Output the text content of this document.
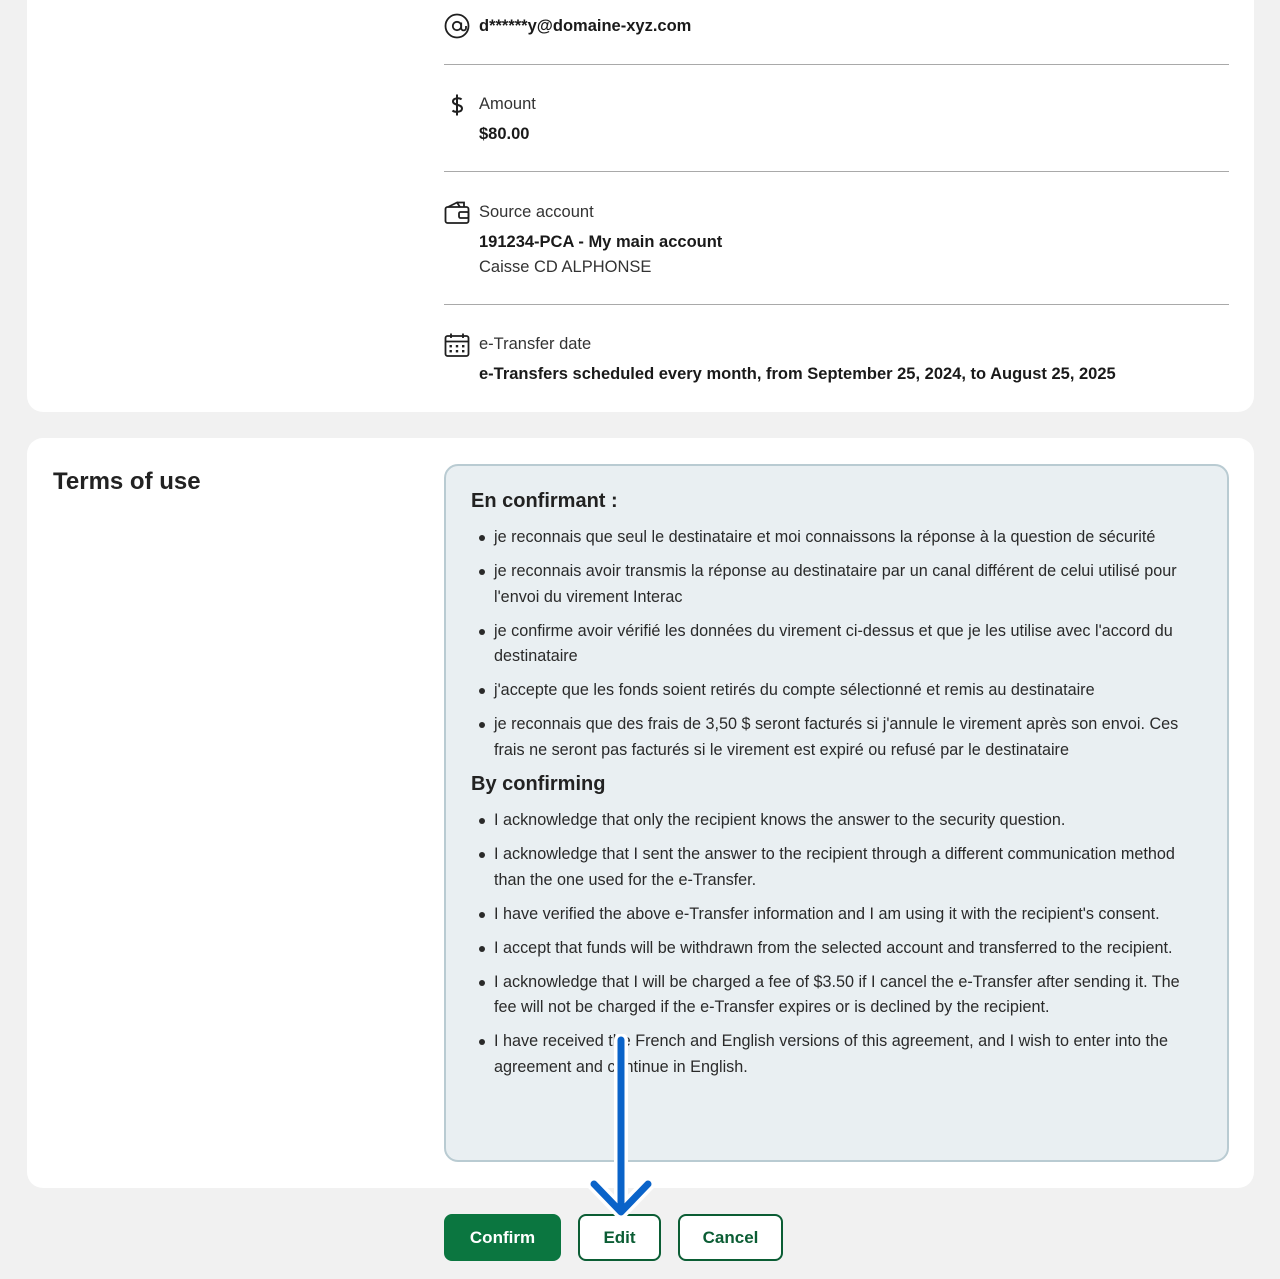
d******y@domaine-xyz.com
Amount
$80.00
Source account
191234-PCA - My main account
Caisse CD ALPHONSE
e-Transfer date
e-Transfers scheduled every month, from September 25, 2024, to August 25, 2025
Terms of use
En confirmant :
je reconnais que seul le destinataire et moi connaissons la réponse à la question de sécurité
je reconnais avoir transmis la réponse au destinataire par un canal différent de celui utilisé pour l'envoi du virement Interac
je confirme avoir vérifié les données du virement ci-dessus et que je les utilise avec l'accord du destinataire
j'accepte que les fonds soient retirés du compte sélectionné et remis au destinataire
je reconnais que des frais de 3,50 $ seront facturés si j'annule le virement après son envoi. Ces frais ne seront pas facturés si le virement est expiré ou refusé par le destinataire
By confirming
I acknowledge that only the recipient knows the answer to the security question.
I acknowledge that I sent the answer to the recipient through a different communication method than the one used for the e-Transfer.
I have verified the above e-Transfer information and I am using it with the recipient's consent.
I accept that funds will be withdrawn from the selected account and transferred to the recipient.
I acknowledge that I will be charged a fee of $3.50 if I cancel the e-Transfer after sending it. The fee will not be charged if the e-Transfer expires or is declined by the recipient.
I have received the French and English versions of this agreement, and I wish to enter into the agreement and continue in English.
Confirm	Edit	Cancel
